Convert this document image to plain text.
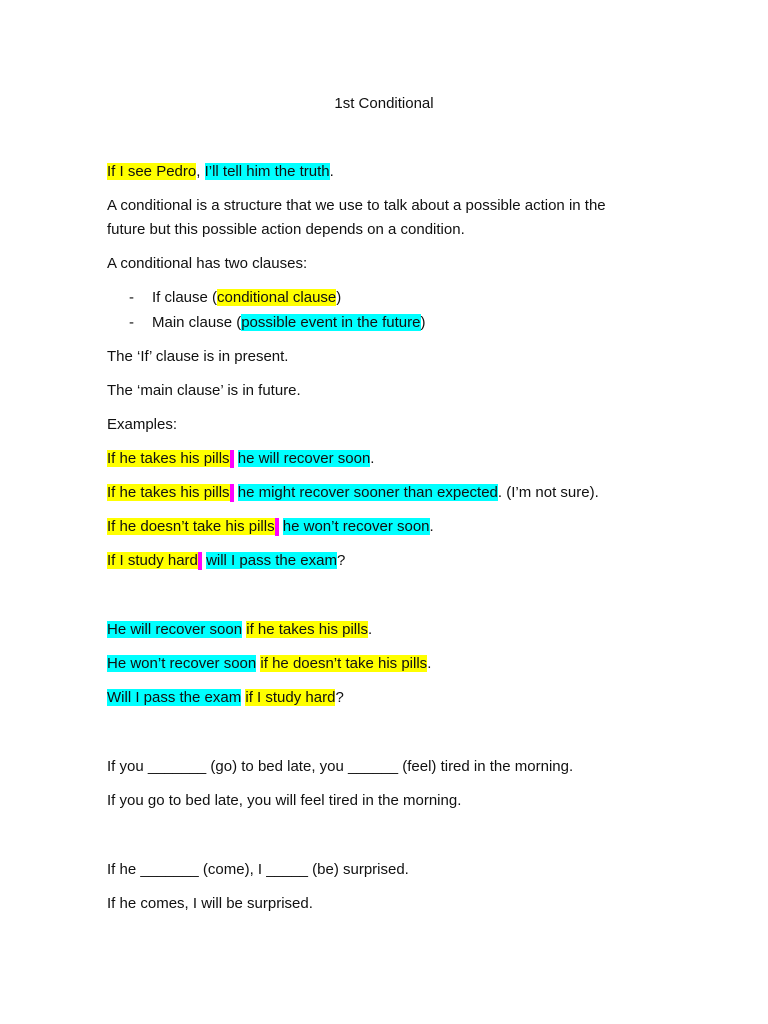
1st Conditional
If I see Pedro, I’ll tell him the truth.
A conditional is a structure that we use to talk about a possible action in the
future but this possible action depends on a condition.
A conditional has two clauses:
- If clause (conditional clause)
- Main clause (possible event in the future)
The ‘If’ clause is in present.
The ‘main clause’ is in future.
Examples:
If he takes his pills he will recover soon.
If he takes his pills he might recover sooner than expected. (I’m not sure).
If he doesn’t take his pills he won’t recover soon.
If I study hard will I pass the exam?
He will recover soon if he takes his pills.
He won’t recover soon if he doesn’t take his pills.
Will I pass the exam if I study hard?
If you _______ (go) to bed late, you ______ (feel) tired in the morning.
If you go to bed late, you will feel tired in the morning.
If he _______ (come), I _____ (be) surprised.
If he comes, I will be surprised.
